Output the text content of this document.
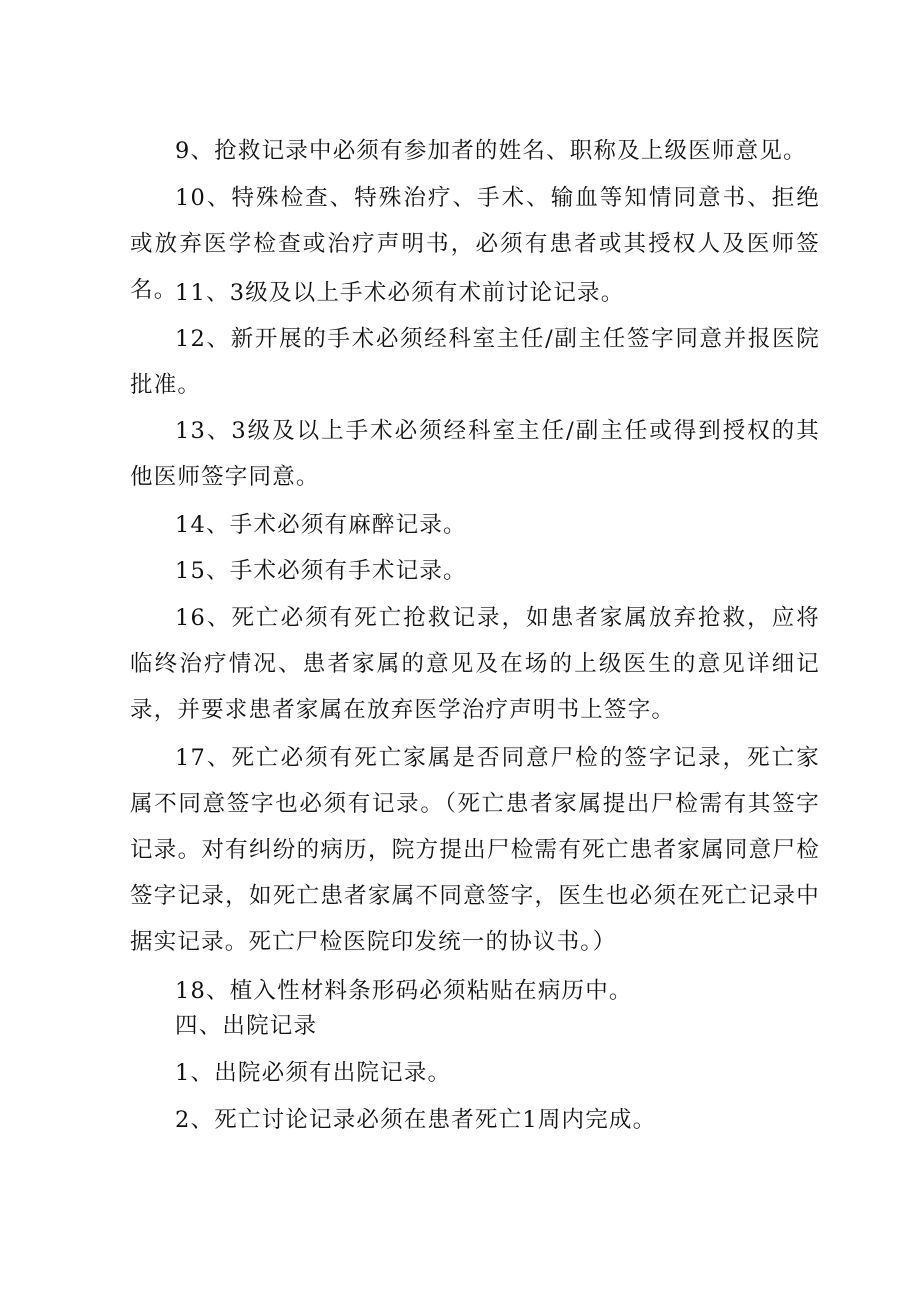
9、抢救记录中必须有参加者的姓名、职称及上级医师意见。

10、特殊检查、特殊治疗、手术、输血等知情同意书、拒绝或放弃医学检查或治疗声明书，必须有患者或其授权人及医师签名。

11、3级及以上手术必须有术前讨论记录。

12、新开展的手术必须经科室主任/副主任签字同意并报医院批准。

13、3级及以上手术必须经科室主任/副主任或得到授权的其他医师签字同意。

14、手术必须有麻醉记录。

15、手术必须有手术记录。

16、死亡必须有死亡抢救记录，如患者家属放弃抢救，应将临终治疗情况、患者家属的意见及在场的上级医生的意见详细记录，并要求患者家属在放弃医学治疗声明书上签字。

17、死亡必须有死亡家属是否同意尸检的签字记录，死亡家属不同意签字也必须有记录。（死亡患者家属提出尸检需有其签字记录。对有纠纷的病历，院方提出尸检需有死亡患者家属同意尸检签字记录，如死亡患者家属不同意签字，医生也必须在死亡记录中据实记录。死亡尸检医院印发统一的协议书。）

18、植入性材料条形码必须粘贴在病历中。

四、出院记录

1、出院必须有出院记录。

2、死亡讨论记录必须在患者死亡1周内完成。
